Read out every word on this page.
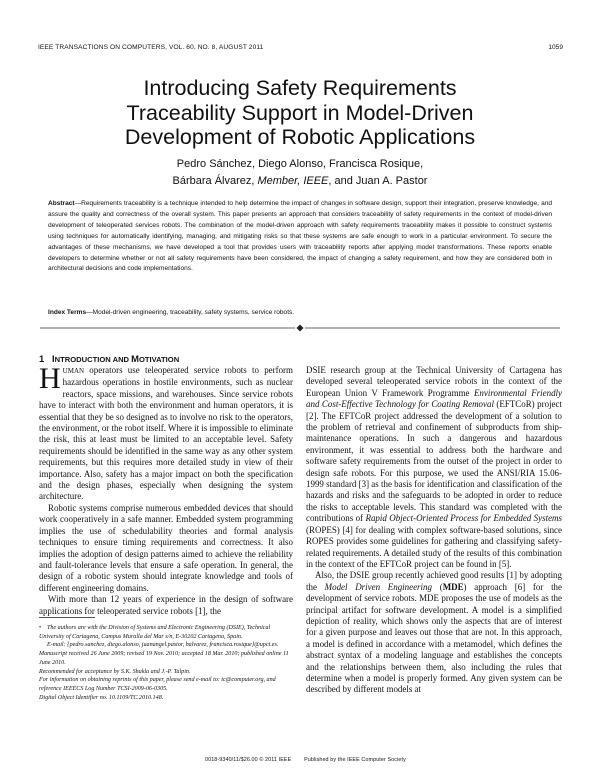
IEEE TRANSACTIONS ON COMPUTERS, VOL. 60, NO. 8, AUGUST 2011	1059
Introducing Safety Requirements
Traceability Support in Model-Driven
Development of Robotic Applications
Pedro Sánchez, Diego Alonso, Francisca Rosique,
Bárbara Álvarez, Member, IEEE, and Juan A. Pastor
Abstract—Requirements traceability is a technique intended to help determine the impact of changes in software design, support their integration, preserve knowledge, and assure the quality and correctness of the overall system. This paper presents an approach that considers traceability of safety requirements in the context of model-driven development of teleoperated services robots. The combination of the model-driven approach with safety requirements traceability makes it possible to construct systems using techniques for automatically identifying, managing, and mitigating risks so that these systems are safe enough to work in a particular environment. To secure the advantages of these mechanisms, we have developed a tool that provides users with traceability reports after applying model transformations. These reports enable developers to determine whether or not all safety requirements have been considered, the impact of changing a safety requirement, and how they are considered both in architectural decisions and code implementations.
Index Terms—Model-driven engineering, traceability, safety systems, service robots.
1 INTRODUCTION AND MOTIVATION

HUMAN operators use teleoperated service robots to perform hazardous operations in hostile environments, such as nuclear reactors, space missions, and warehouses. Since service robots have to interact with both the environment and human operators, it is essential that they be so designed as to involve no risk to the operators, the environment, or the robot itself. Where it is impossible to eliminate the risk, this at least must be limited to an acceptable level. Safety requirements should be identified in the same way as any other system requirements, but this requires more detailed study in view of their importance. Also, safety has a major impact on both the specification and the design phases, especially when designing the system architecture.

Robotic systems comprise numerous embedded devices that should work cooperatively in a safe manner. Embedded system programming implies the use of schedulability theories and formal analysis techniques to ensure timing requirements and correctness. It also implies the adoption of design patterns aimed to achieve the reliability and fault-tolerance levels that ensure a safe operation. In general, the design of a robotic system should integrate knowledge and tools of different engineering domains.

With more than 12 years of experience in the design of software applications for teleoperated service robots [1], the

DSIE research group at the Technical University of Cartagena has developed several teleoperated service robots in the context of the European Union V Framework Programme Environmental Friendly and Cost-Effective Technology for Coating Removal (EFTCoR) project [2]. The EFTCoR project addressed the development of a solution to the problem of retrieval and confinement of subproducts from ship-maintenance operations. In such a dangerous and hazardous environment, it was essential to address both the hardware and software safety requirements from the outset of the project in order to design safe robots. For this purpose, we used the ANSI/RIA 15.06-1999 standard [3] as the basis for identification and classification of the hazards and risks and the safeguards to be adopted in order to reduce the risks to acceptable levels. This standard was completed with the contributions of Rapid Object-Oriented Process for Embedded Systems (ROPES) [4] for dealing with complex software-based solutions, since ROPES provides some guidelines for gathering and classifying safety-related requirements. A detailed study of the results of this combination in the context of the EFTCoR project can be found in [5].

Also, the DSIE group recently achieved good results [1] by adopting the Model Driven Engineering (MDE) approach [6] for the development of service robots. MDE proposes the use of models as the principal artifact for software development. A model is a simplified depiction of reality, which shows only the aspects that are of interest for a given purpose and leaves out those that are not. In this approach, a model is defined in accordance with a metamodel, which defines the abstract syntax of a modeling language and establishes the concepts and the relationships between them, also including the rules that determine when a model is properly formed. Any given system can be described by different models at

• The authors are with the Division of Systems and Electronic Engineering (DSIE), Technical University of Cartagena, Campus Muralla del Mar s/n, E-30202 Cartagena, Spain.

E-mail: {pedro.sanchez, diego.alonso, juanangel.pastor, balvarez, francisca.rosique}@upct.es.

Manuscript received 26 June 2009; revised 19 Nov. 2010; accepted 18 Mar. 2010; published online 11 June 2010.

Recommended for acceptance by S.K. Shukla and J.-P. Talpin.

For information on obtaining reprints of this paper, please send e-mail to: tc@computer.org, and reference IEEECS Log Number TCSI-2009-06-0305.

Digital Object Identifier no. 10.1109/TC.2010.148.

0018-9340/11/$26.00 © 2011 IEEE        Published by the IEEE Computer Society
